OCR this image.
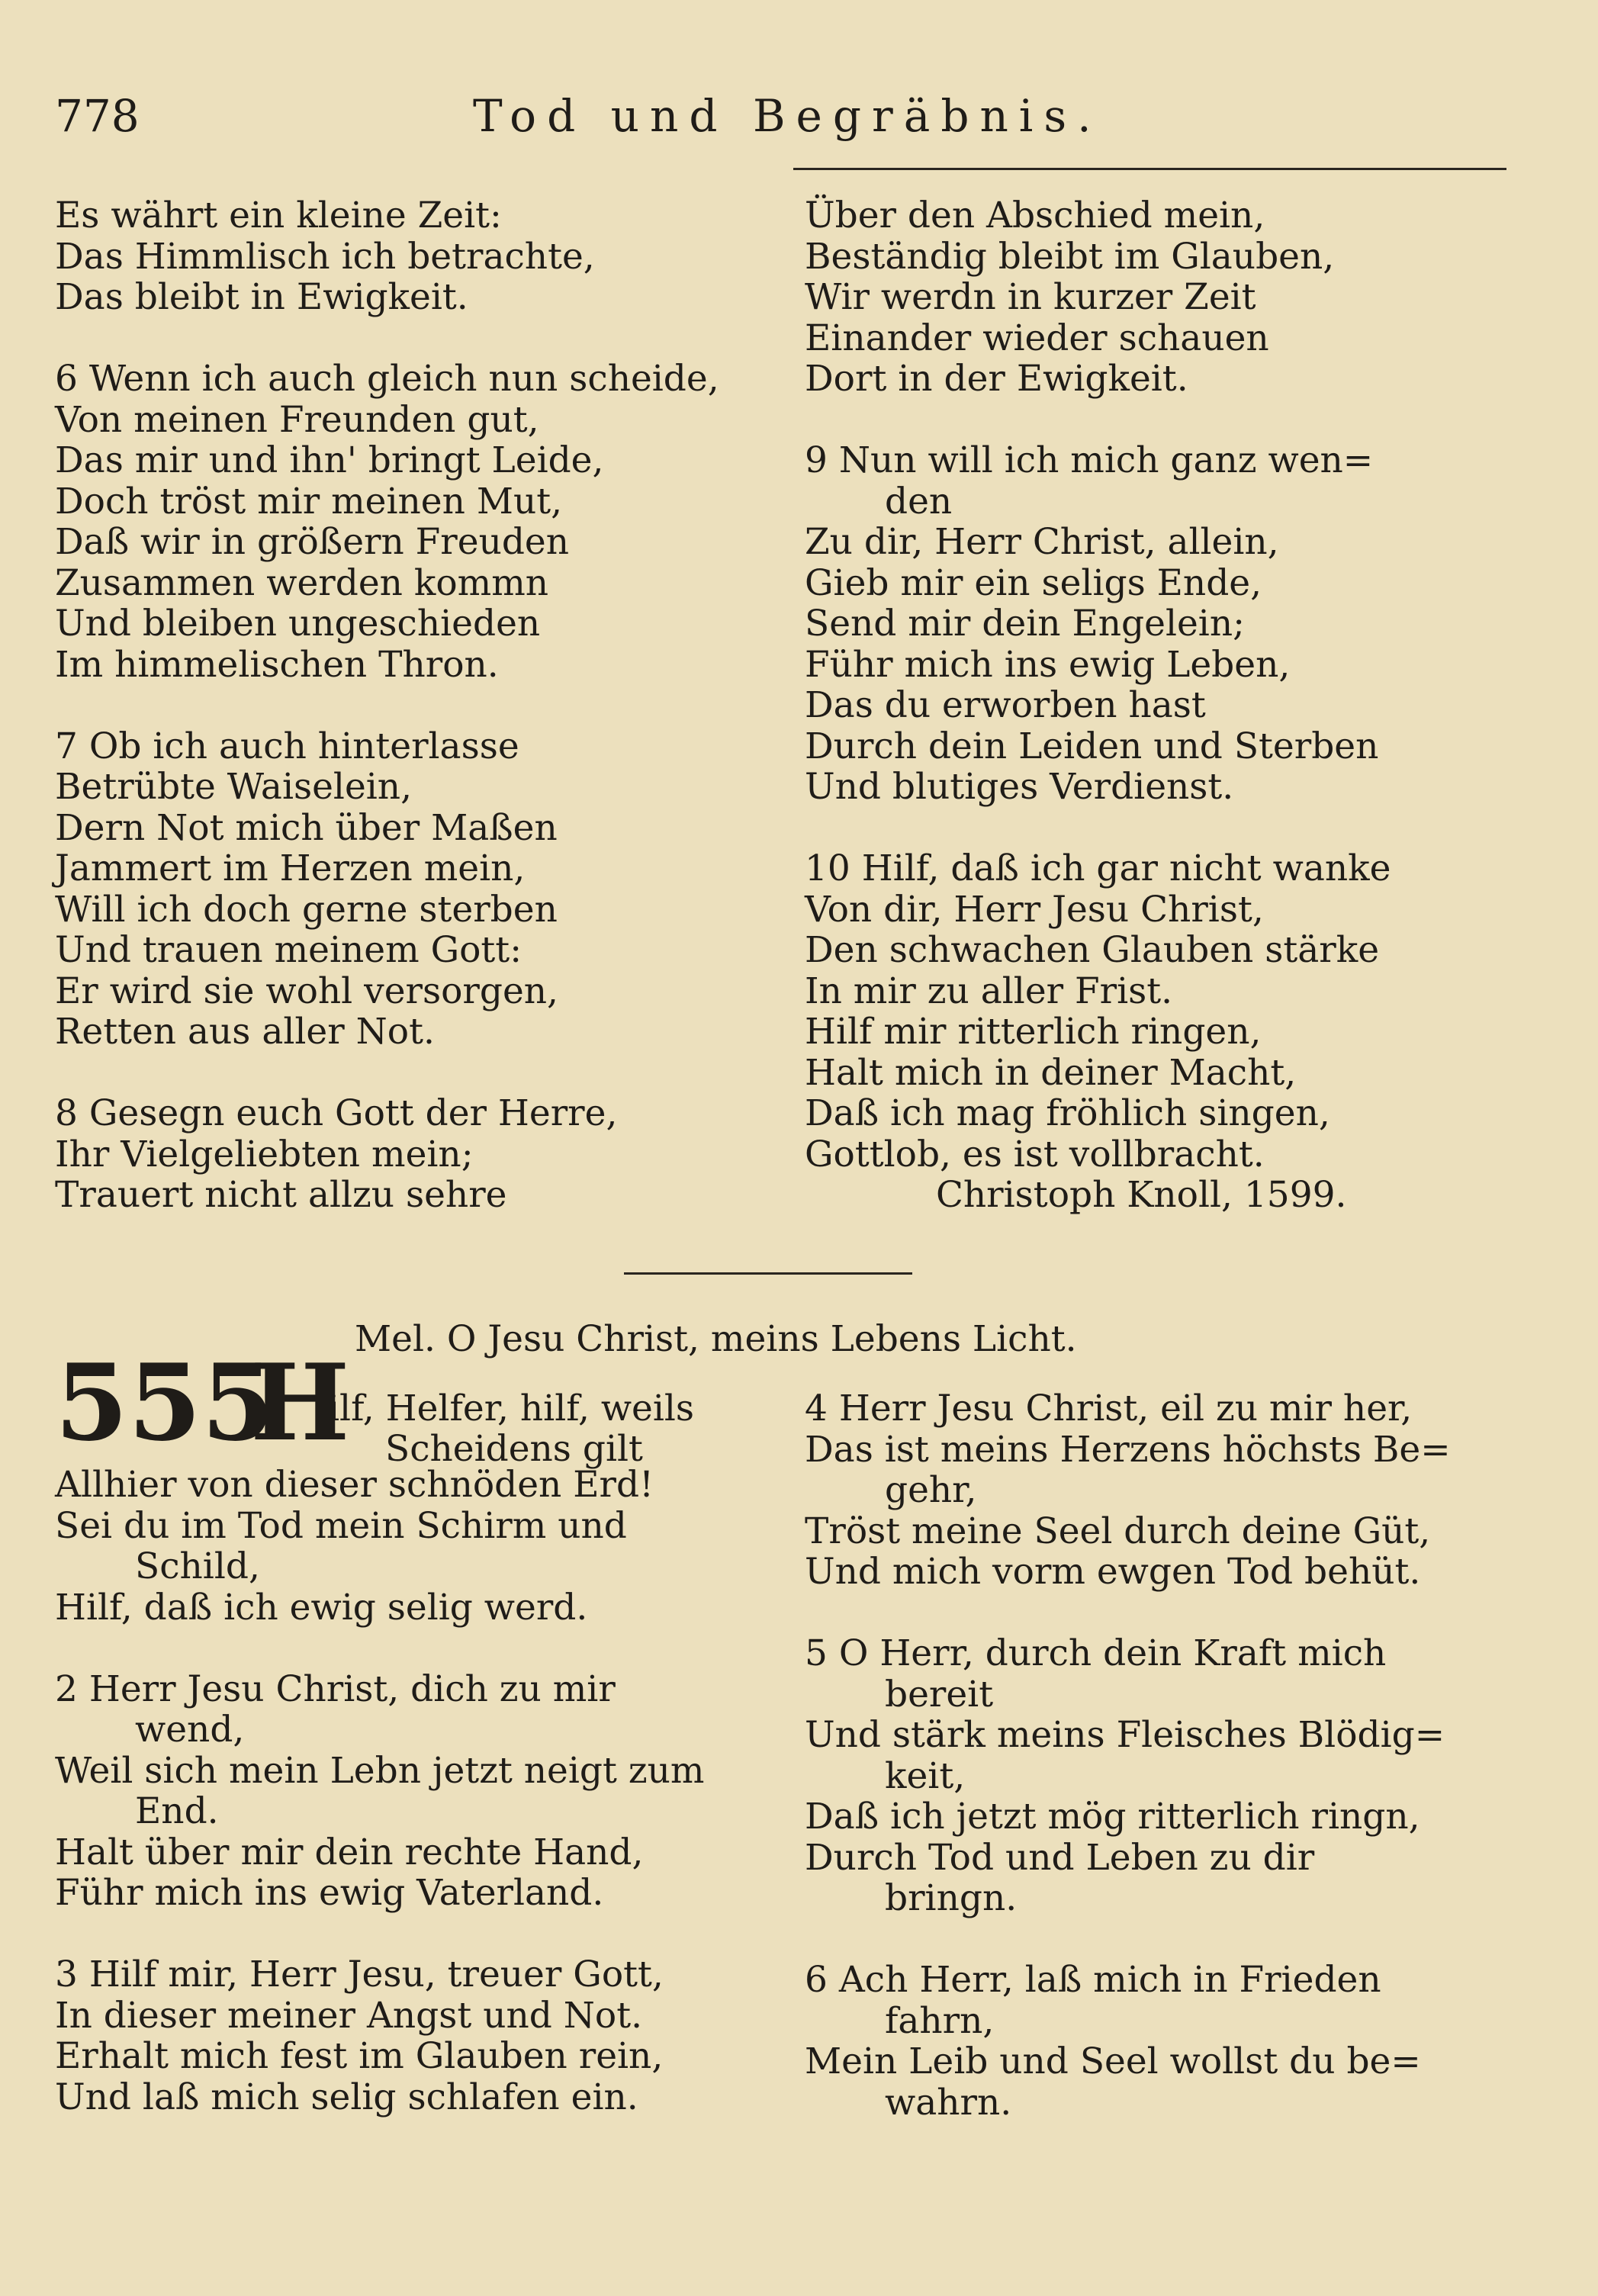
778	Tod und Begräbnis.
Es währt ein kleine Zeit:
Das Himmlisch ich betrachte,
Das bleibt in Ewigkeit.
6 Wenn ich auch gleich nun scheide,
Von meinen Freunden gut,
Das mir und ihn' bringt Leide,
Doch tröst mir meinen Mut,
Daß wir in größern Freuden
Zusammen werden kommn
Und bleiben ungeschieden
Im himmelischen Thron.
7 Ob ich auch hinterlasse
Betrübte Waiselein,
Dern Not mich über Maßen
Jammert im Herzen mein,
Will ich doch gerne sterben
Und trauen meinem Gott:
Er wird sie wohl versorgen,
Retten aus aller Not.
8 Gesegn euch Gott der Herre,
Ihr Vielgeliebten mein;
Trauert nicht allzu sehre
Über den Abschied mein,
Beständig bleibt im Glauben,
Wir werdn in kurzer Zeit
Einander wieder schauen
Dort in der Ewigkeit.
9 Nun will ich mich ganz wen=
den
Zu dir, Herr Christ, allein,
Gieb mir ein seligs Ende,
Send mir dein Engelein;
Führ mich ins ewig Leben,
Das du erworben hast
Durch dein Leiden und Sterben
Und blutiges Verdienst.
10 Hilf, daß ich gar nicht wanke
Von dir, Herr Jesu Christ,
Den schwachen Glauben stärke
In mir zu aller Frist.
Hilf mir ritterlich ringen,
Halt mich in deiner Macht,
Daß ich mag fröhlich singen,
Gottlob, es ist vollbracht.
Christoph Knoll, 1599.
Mel. O Jesu Christ, meins Lebens Licht.
555
H
ilf, Helfer, hilf, weils
Scheidens gilt
Allhier von dieser schnöden Erd!
Sei du im Tod mein Schirm und
Schild,
Hilf, daß ich ewig selig werd.
2 Herr Jesu Christ, dich zu mir
wend,
Weil sich mein Lebn jetzt neigt zum
End.
Halt über mir dein rechte Hand,
Führ mich ins ewig Vaterland.
3 Hilf mir, Herr Jesu, treuer Gott,
In dieser meiner Angst und Not.
Erhalt mich fest im Glauben rein,
Und laß mich selig schlafen ein.
4 Herr Jesu Christ, eil zu mir her,
Das ist meins Herzens höchsts Be=
gehr,
Tröst meine Seel durch deine Güt,
Und mich vorm ewgen Tod behüt.
5 O Herr, durch dein Kraft mich
bereit
Und stärk meins Fleisches Blödig=
keit,
Daß ich jetzt mög ritterlich ringn,
Durch Tod und Leben zu dir
bringn.
6 Ach Herr, laß mich in Frieden
fahrn,
Mein Leib und Seel wollst du be=
wahrn.
